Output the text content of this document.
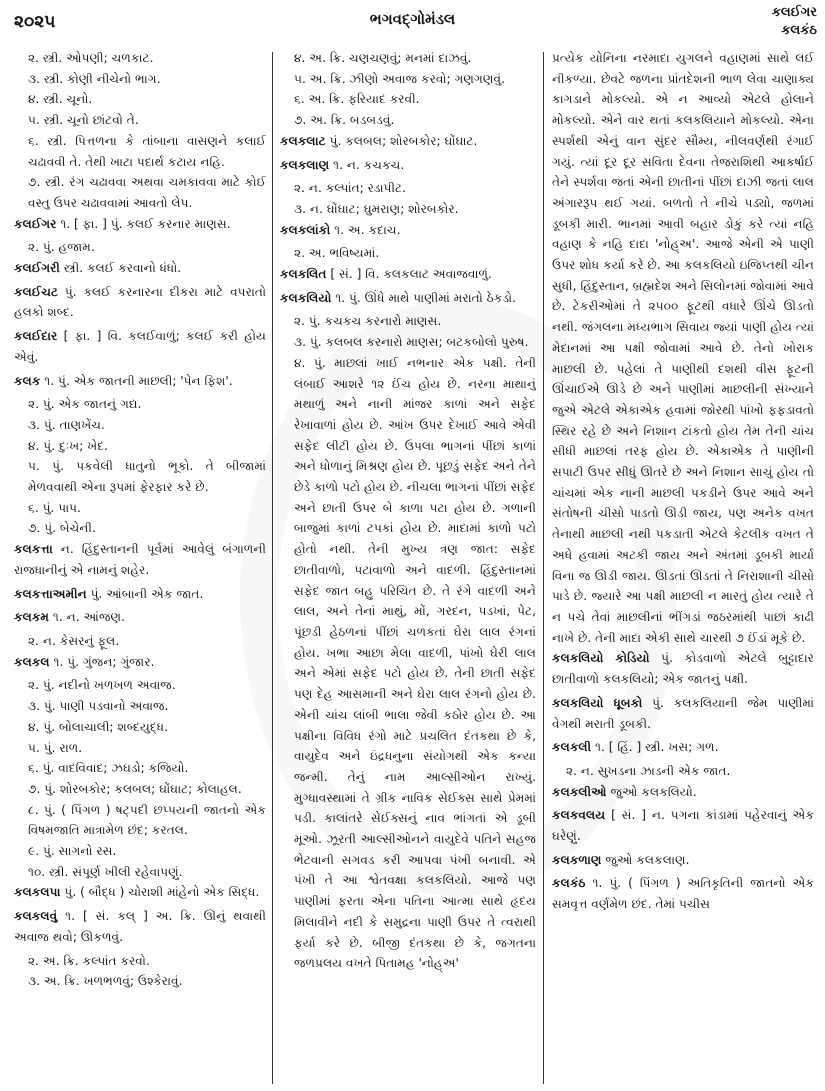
૨૦૨૫	ભગવદ્ગોમંડલ	કલઈગર
કલકંઠ
૨. સ્ત્રી. ઓપણી; ચળકાટ.
૩. સ્ત્રી. કોણી નીચેનો ભાગ.
૪. સ્ત્રી. ચૂનો.
૫. સ્ત્રી. ચૂનો છાંટવો તે.
૬. સ્ત્રી. પિત્તળના કે તાંબાના વાસણને કલાઈ ચઢાવવી તે. તેથી ખાટા પદાર્થ કટાય નહિ.
૭. સ્ત્રી. રંગ ચઢાવવા અથવા ચમકાવવા માટે કોઈ વસ્તુ ઉપર ચઢાવવામાં આવતો લેપ.
કલઈગર ૧. [ ફા. ] પું. કલઈ કરનાર માણસ.
૨. પું. હજામ.
કલઈગરી સ્ત્રી. કલઈ કરવાનો ધંધો.
કલઈચટ પું. કલઈ કરનારના દીકરા માટે વપરાતો હલકો શબ્દ.
કલઈદાર [ ફા. ] વિ. કલઈવાળું; કલઈ કરી હોય એવું.
કલક ૧. પું. એક જાતની માછલી; 'પેન ફિશ'.
૨. પું. એક જાતનું ગદ્ય.
૩. પું. તાણખેંચ.
૪. પું. દુઃખ; ખેદ.
૫. પું. પકવેલી ધાતુનો ભૂકો. તે બીજામાં મેળવવાથી એના રૂપમાં ફેરફાર કરે છે.
૬. પું. પાપ.
૭. પું. બેચેની.
કલકત્તા ન. હિંદુસ્તાનની પૂર્વમાં આવેલું બંગાળની રાજધાનીનું એ નામનું શહેર.
કલકત્તાઅમીન પું. આંબાની એક જાત.
કલકમ ૧. ન. આંજણ.
૨. ન. કેસરનું ફૂલ.
કલકલ ૧. પું. ગુંજન; ગુંજાર.
૨. પું. નદીનો ખળખળ અવાજ.
૩. પું. પાણી પડવાનો અવાજ.
૪. પું. બોલાચાલી; શબ્દયુદ્ધ.
૫. પું. રાળ.
૬. પું. વાદવિવાદ; ઝઘડો; કજિયો.
૭. પું. શોરબકોર; કલબલ; ઘોંઘાટ; કોલાહલ.
૮. પું. ( પિંગળ ) ષટ્પદી છપ્પયની જાતનો એક વિષમજાતિ માત્રામેળ છંદ; કરતલ.
૯. પું. સાગનો રસ.
૧૦. સ્ત્રી. સંપૂર્ણ ખીલી રહેવાપણું.
કલકલપા પું. ( બૌદ્ધ ) ચોરાશી માંહેનો એક સિદ્ધ.
કલકલવું ૧. [ સં. કલ્ ] અ. ક્રિ. ઊનું થવાથી અવાજ થવો; ઊકળવું.
૨. અ. ક્રિ. કલ્પાંત કરવો.
૩. અ. ક્રિ. ખળભળવું; ઉશ્કેરાવું.
૪. અ. ક્રિ. ચણચણવું; મનમાં દાઝવું.
૫. અ. ક્રિ. ઝીણો અવાજ કરવો; ગણગણવું.
૬. અ. ક્રિ. ફરિયાદ કરવી.
૭. અ. ક્રિ. બડબડવું.
કલકલાટ પું. કલબલ; શોરબકોર; ઘોંઘાટ.
કલકલાણ ૧. ન. કચકચ.
૨. ન. કલ્પાંત; રડાપીટ.
૩. ન. ઘોંઘાટ; ઘુમરાણ; શોરબકોર.
કલકલાંકો ૧. અ. કદાચ.
૨. અ. ભવિષ્યમાં.
કલકલિત [ સં. ] વિ. કલકલાટ અવાજવાળું.
કલકલિયો ૧. પું. ઊંધે માથે પાણીમાં મરાતો ઠેકડો.
૨. પું. કચકચ કરનારો માણસ.
૩. પું. કલબલ કરનારો માણસ; બટકબોલો પુરુષ.
૪. પું. માછલાં ખાઈ નભનાર એક પક્ષી. તેની લંબાઈ આશરે ૧૨ ઈંચ હોય છે. નરના માથાનું મથાળું અને નાની માંજર કાળાં અને સફેદ રેખાવાળાં હોય છે. આંખ ઉપર દેખાઈ આવે એવી સફેદ લીટી હોય છે. ઉપલા ભાગનાં પીંછાં કાળાં અને ધોળાનું મિશ્રણ હોય છે. પૂછડું સફેદ અને તેને છેડે કાળો પટો હોય છે. નીચલા ભાગનાં પીંછાં સફેદ અને છાતી ઉપર બે કાળા પટા હોય છે. ગળાની બાજુમાં કાળાં ટપકાં હોય છે. માદામાં કાળો પટો હોતો નથી. તેની મુખ્ય ત્રણ જાત: સફેદ છાતીવાળો, પટાવાળો અને વાદળી. હિંદુસ્તાનમાં સફેદ જાત બહુ પરિચિત છે. તે રંગે વાદળી અને લાલ, અને તેનાં માથું, મોં, ગરદન, પડખાં, પેટ, પૂંછડી હેઠળનાં પીંછાં ચળકતાં ઘેરા લાલ રંગનાં હોય. ખભા આછા મેલા વાદળી, પાંખો ઘેરી લાલ અને એમાં સફેદ પટો હોય છે. તેની છાતી સફેદ પણ દેહ આસમાની અને ઘેરા લાલ રંગનો હોય છે. એની ચાંચ લાંબી ભાલા જેવી કઠોર હોય છે. આ પક્ષીના વિવિધ રંગો માટે પ્રચલિત દંતકથા છે કે, વાયુદેવ અને ઇંદ્રધનુના સંયોગથી એક કન્યા જન્મી. તેનું નામ આલ્સીઓન રાખ્યું. મુગ્ધાવસ્થામાં તે ગ્રીક નાવિક સેઈક્સ સાથે પ્રેમમાં પડી. કાલાંતરે સેઈક્સનું નાવ ભાંગતાં એ ડૂબી મૂઓ. ઝૂરતી આલ્સીઓનને વાયુદેવે પતિને સહજ ભેટવાની સગવડ કરી આપવા પંખી બનાવી. એ પંખી તે આ શ્વેતવક્ષા કલકલિયો. આજે પણ પાણીમાં ફરતા એના પતિના આત્મા સાથે હૃદય મિલાવીને નદી કે સમુદ્રના પાણી ઉપર તે ત્વરાથી ફર્યા કરે છે. બીજી દંતકથા છે કે, જગતના જળપ્રલય વખતે પિતામહ 'નોહ્અ'
પ્રત્યેક યોનિના નરમાદા યુગલને વહાણમાં સાથે લઈ નીકળ્યા. છેવટે જળના પ્રાંતદેશની ભાળ લેવા ચાણાક્ય કાગડાને મોકલ્યો. એ ન આવ્યો એટલે હોલાને મોકલ્યો. એને વાર થતાં કલકલિયાને મોકલ્યો. એના સ્પર્શથી એનું વાન સુંદર સૌમ્ય, નીલવર્ણથી રંગાઈ ગયું. ત્યાં દૂર દૂર સવિતા દેવના તેજરાશિથી આકર્ષાઈ તેને સ્પર્શવા જતાં એની છાતીનાં પીંછાં દાઝી જતાં લાલ અંગારરૂપ થઈ ગયાં. બળતો તે નીચે પડ્યો, જળમાં ડૂબકી મારી. ભાનમાં આવી બહાર ડોકું કરે ત્યાં નહિ વહાણ કે નહિ દાદા 'નોહ્અ'. આજે એની એ પાણી ઉપર શોધ કર્યા કરે છે. આ કલકલિયો ઇજિપ્તથી ચીન સુધી, હિંદુસ્તાન, બ્રહ્મદેશ અને સિલોનમાં જોવામાં આવે છે. ટેકરીઓમાં તે ૨૫૦૦ ફૂટથી વધારે ઊંચે ઊડતો નથી. જંગલના મધ્યભાગ સિવાય જ્યાં પાણી હોય ત્યાં મેદાનમાં આ પક્ષી જોવામાં આવે છે. તેનો ખોરાક માછલી છે. પહેલાં તે પાણીથી દશથી વીસ ફૂટની ઊંચાઈએ ઊડે છે અને પાણીમાં માછલીની સંખ્યાને જુએ એટલે એકાએક હવામાં જોરથી પાંખો ફફડાવતો સ્થિર રહે છે અને નિશાન ટાંકતો હોય તેમ તેની ચાંચ સીધી માછલાં તરફ હોય છે. એકાએક તે પાણીની સપાટી ઉપર સીધું ઊતરે છે અને નિશાન સાચું હોય તો ચાંચમાં એક નાની માછલી પકડીને ઉપર આવે અને સંતોષની ચીસો પાડતો ઊડી જાય, પણ અનેક વખત તેનાથી માછલી નથી પકડાતી એટલે કેટલીક વખત તે અધે હવામાં અટકી જાય અને અંતમાં ડૂબકી માર્યા વિના જ ઊડી જાય. ઊડતાં ઊડતાં તે નિરાશાની ચીસો પાડે છે. જ્યારે આ પક્ષી માછલી ન મારતું હોય ત્યારે તે ન પચે તેવાં માછલીનાં ભીંગડાં જઠરમાંથી પાછાં કાઢી નાખે છે. તેની માદા એકી સાથે ચારથી ૭ ઈંડાં મૂકે છે.
કલકલિયો કોડિયો પું. કોડવાળો એટલે બુટ્ટાદાર છાતીવાળો કલકલિયો; એક જાતનું પક્ષી.
કલકલિયો ધૂબકો પું. કલકલિયાની જેમ પાણીમાં વેગથી મરાતી ડૂબકી.
કલકલી ૧. [ હિં. ] સ્ત્રી. ખસ; ગળ.
૨. ન. સુખડના ઝાડની એક જાત.
કલકલીઓ જુઓ કલકલિયો.
કલકવલય [ સં. ] ન. પગના કાંડામાં પહેરવાનું એક ઘરેણું.
કલકળાણ જુઓ કલકલાણ.
કલકંઠ ૧. પું. ( પિંગળ ) અતિકૃતિની જાતનો એક સમવૃત્ત વર્ણમેળ છંદ. તેમાં પચીસ
